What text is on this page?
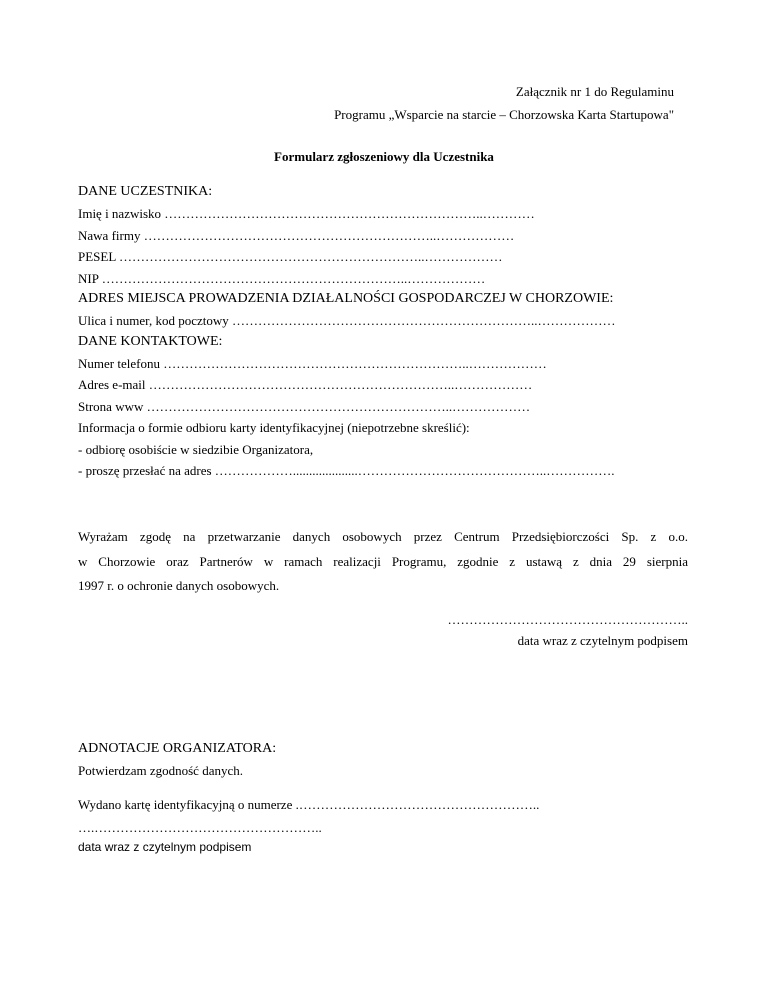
Załącznik nr 1 do Regulaminu
Programu „Wsparcie na starcie – Chorzowska Karta Startupowa"
Formularz zgłoszeniowy dla Uczestnika
DANE UCZESTNIKA:
Imię i nazwisko ………………………………………………………………..…………
Nawa firmy …………………………………………………………..………………
PESEL ……………………………………………………………..………………
NIP ……………………………………………………………..………………
ADRES MIEJSCA PROWADZENIA DZIAŁALNOŚCI GOSPODARCZEJ W CHORZOWIE:
Ulica i numer, kod pocztowy ……………………………………………………………..………………
DANE KONTAKTOWE:
Numer telefonu ……………………………………………………………..………………
Adres e-mail ……………………………………………………………..………………
Strona www ……………………………………………………………..………………
Informacja o formie odbioru karty identyfikacyjnej (niepotrzebne skreślić):
- odbiorę osobiście w siedzibie Organizatora,
- proszę przesłać na adres ………………....................……………………………………..…………….
Wyrażam zgodę na przetwarzanie danych osobowych przez Centrum Przedsiębiorczości Sp. z o.o.
w Chorzowie oraz Partnerów w ramach realizacji Programu, zgodnie z ustawą z dnia 29 sierpnia
1997 r. o ochronie danych osobowych.
………………………………………………..
data wraz z czytelnym podpisem
ADNOTACJE ORGANIZATORA:
Potwierdzam zgodność danych.
Wydano kartę identyfikacyjną o numerze .………………………………………………..
….……………………………………………..
data wraz z czytelnym podpisem
